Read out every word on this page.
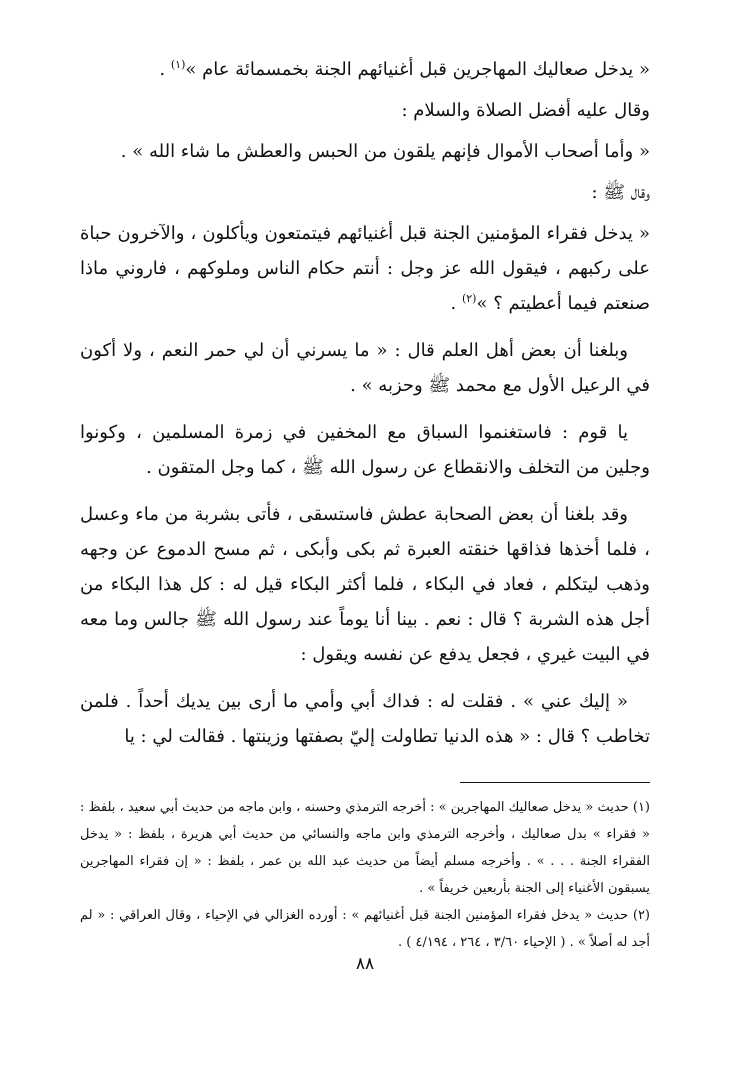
« يدخل صعاليك المهاجرين قبل أغنيائهم الجنة بخمسمائة عام »$^{(١)}$ .

وقال عليه أفضل الصلاة والسلام :

« وأما أصحاب الأموال فإنهم يلقون من الحبس والعطش ما شاء الله » .

وقال ﷺ :

« يدخل فقراء المؤمنين الجنة قبل أغنيائهم فيتمتعون ويأكلون ، والآخرون حباة على ركبهم ، فيقول الله عز وجل : أنتم حكام الناس وملوكهم ، فاروني ماذا صنعتم فيما أعطيتم ؟ »$^{(٢)}$ .

وبلغنا أن بعض أهل العلم قال : « ما يسرني أن لي حمر النعم ، ولا أكون في الرعيل الأول مع محمد ﷺ وحزبه » .

يا قوم : فاستغنموا السباق مع المخفين في زمرة المسلمين ، وكونوا وجلين من التخلف والانقطاع عن رسول الله ﷺ ، كما وجل المتقون .

وقد بلغنا أن بعض الصحابة عطش فاستسقى ، فأتى بشربة من ماء وعسل ، فلما أخذها فذاقها خنقته العبرة ثم بكى وأبكى ، ثم مسح الدموع عن وجهه وذهب ليتكلم ، فعاد في البكاء ، فلما أكثر البكاء قيل له : كل هذا البكاء من أجل هذه الشربة ؟ قال : نعم . بينا أنا يوماً عند رسول الله ﷺ جالس وما معه في البيت غيري ، فجعل يدفع عن نفسه ويقول :

« إليك عني » . فقلت له : فداك أبي وأمي ما أرى بين يديك أحداً . فلمن تخاطب ؟ قال : « هذه الدنيا تطاولت إليّ بصفتها وزينتها . فقالت لي : يا

(١) حديث « يدخل صعاليك المهاجرين » : أخرجه الترمذي وحسنه ، وابن ماجه من حديث أبي سعيد ، بلفظ : « فقراء » بدل صعاليك ، وأخرجه الترمذي وابن ماجه والنسائي من حديث أبي هريرة ، بلفظ : « يدخل الفقراء الجنة . . . » . وأخرجه مسلم أيضاً من حديث عبد الله بن عمر ، بلفظ : « إن فقراء المهاجرين يسبقون الأغنياء إلى الجنة بأربعين خريفاً » .

(٢) حديث « يدخل فقراء المؤمنين الجنة قبل أغنيائهم » : أورده الغزالي في الإحياء ، وقال العراقي : « لم أجد له أصلاً » . ( الإحياء ٣/٦٠ ، ٢٦٤ ، ٤/١٩٤ ) .

٨٨
